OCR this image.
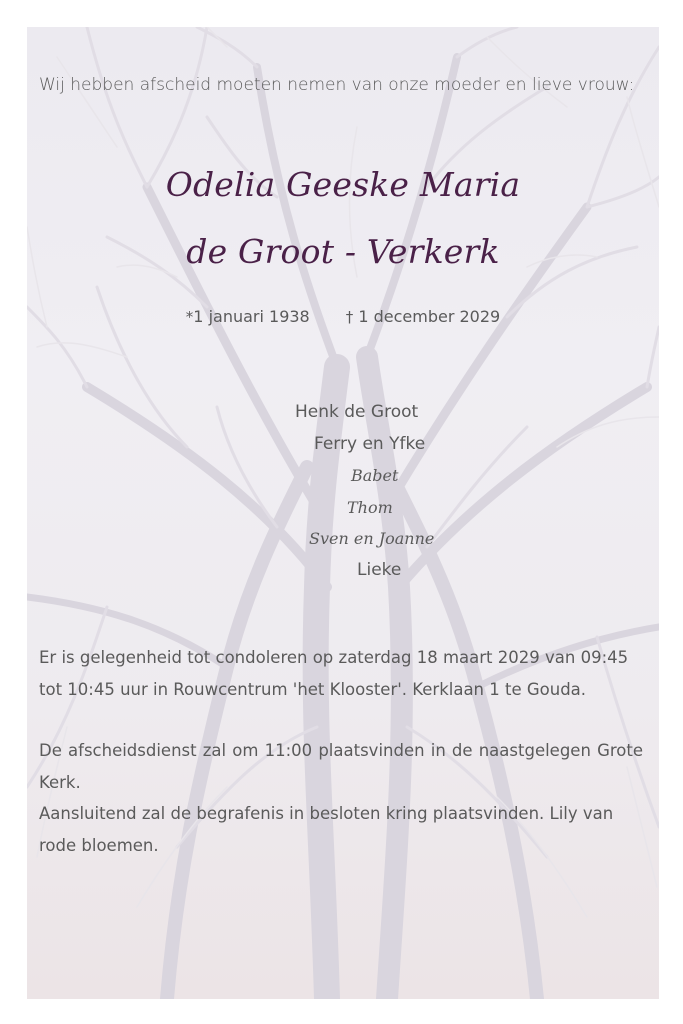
Wij hebben afscheid moeten nemen van onze moeder en lieve vrouw:
Odelia Geeske Maria
de Groot - Verkerk
*1 januari 1938 † 1 december 2029
Henk de Groot
Ferry en Yfke
Babet
Thom
Sven en Joanne
Lieke
Er is gelegenheid tot condoleren op zaterdag 18 maart 2029 van 09:45 tot 10:45 uur in Rouwcentrum 'het Klooster'. Kerklaan 1 te Gouda.
De afscheidsdienst zal om 11:00 plaatsvinden in de naastgelegen Grote Kerk.
Aansluitend zal de begrafenis in besloten kring plaatsvinden. Lily van rode bloemen.
